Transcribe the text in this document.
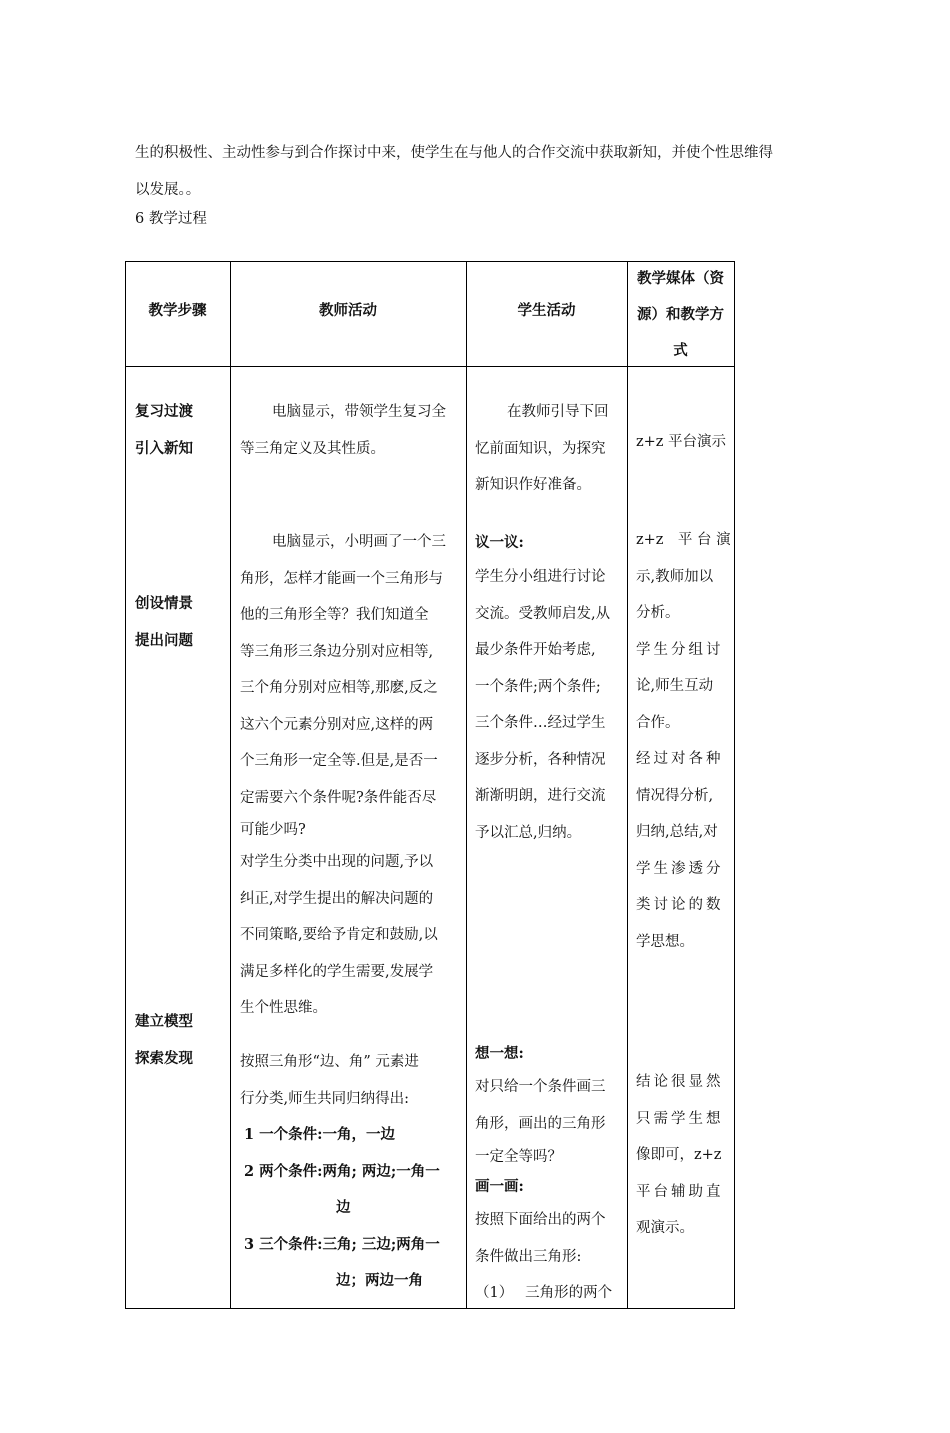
生的积极性、主动性参与到合作探讨中来，使学生在与他人的合作交流中获取新知，并使个性思维得
以发展。。
6 教学过程
教学步骤	教师活动	学生活动
教学媒体（资
源）和教学方
式
复习过渡
引入新知
创设情景
提出问题
建立模型
探索发现
电脑显示，带领学生复习全
等三角定义及其性质。
电脑显示，小明画了一个三
角形，怎样才能画一个三角形与
他的三角形全等？我们知道全
等三角形三条边分别对应相等,
三个角分别对应相等,那麽,反之
这六个元素分别对应,这样的两
个三角形一定全等.但是,是否一
定需要六个条件呢?条件能否尽
可能少吗?
对学生分类中出现的问题,予以
纠正,对学生提出的解决问题的
不同策略,要给予肯定和鼓励,以
满足多样化的学生需要,发展学
生个性思维。
按照三角形“边、角” 元素进
行分类,师生共同归纳得出:
1 一个条件:一角，一边
2 两个条件:两角; 两边;一角一
边
3 三个条件:三角; 三边;两角一
边；两边一角
在教师引导下回
忆前面知识，为探究
新知识作好准备。
议一议:
学生分小组进行讨论
交流。受教师启发,从
最少条件开始考虑,
一个条件;两个条件;
三个条件…经过学生
逐步分析，各种情况
渐渐明朗，进行交流
予以汇总,归纳。
想一想:
对只给一个条件画三
角形，画出的三角形
一定全等吗？
画一画:
按照下面给出的两个
条件做出三角形:
（1）　 三角形的两个
z+z 平台演示
z+z　平 台 演
示,教师加以
分析。
学生分组讨
论,师生互动
合作。
经过对各种
情况得分析,
归纳,总结,对
学生渗透分
类讨论的数
学思想。
结论很显然
只需学生想
像即可，z+z
平台辅助直
观演示。
